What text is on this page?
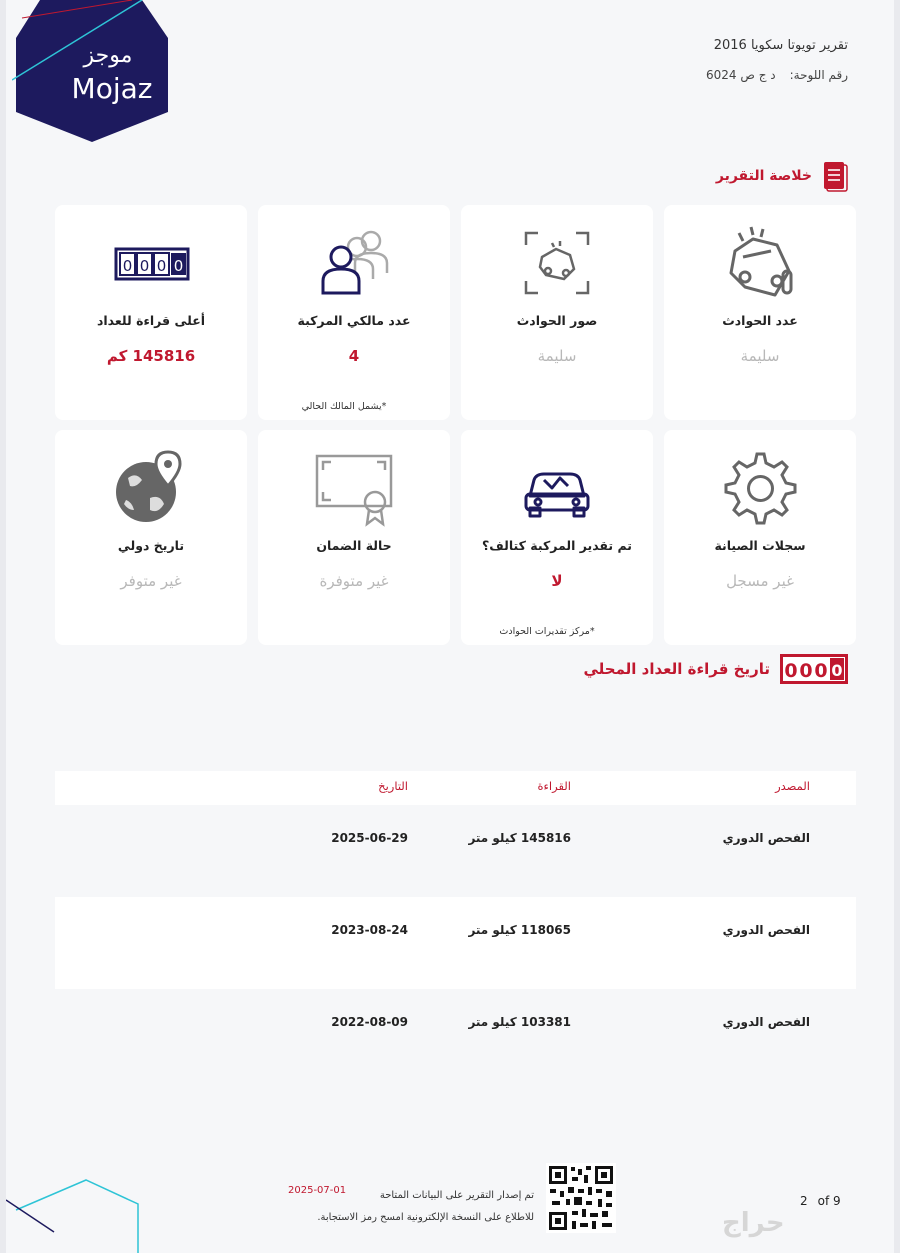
موجز
Mojaz
تقرير تويوتا سكويا 2016
رقم اللوحة:
د ج ص 6024
خلاصة التقرير
عدد الحوادث
سليمة
صور الحوادث
سليمة
عدد مالكي المركبة
4
*يشمل المالك الحالي
0 0 0 0
أعلى قراءة للعداد
145816 كم
سجلات الصيانة
غير مسجل
تم تقدير المركبة كتالف؟
لا
*مركز تقديرات الحوادث
حالة الضمان
غير متوفرة
تاريخ دولي
غير متوفر
0 0 0 0
تاريخ قراءة العداد المحلي
المصدر
القراءة
التاريخ
الفحص الدوري
145816 كيلو متر
2025-06-29
الفحص الدوري
118065 كيلو متر
2023-08-24
الفحص الدوري
103381 كيلو متر
2022-08-09
تم إصدار التقرير على البيانات المتاحة
للاطلاع على النسخة الإلكترونية امسح رمز الاستجابة.
2025-07-01
2 of 9
حراج
